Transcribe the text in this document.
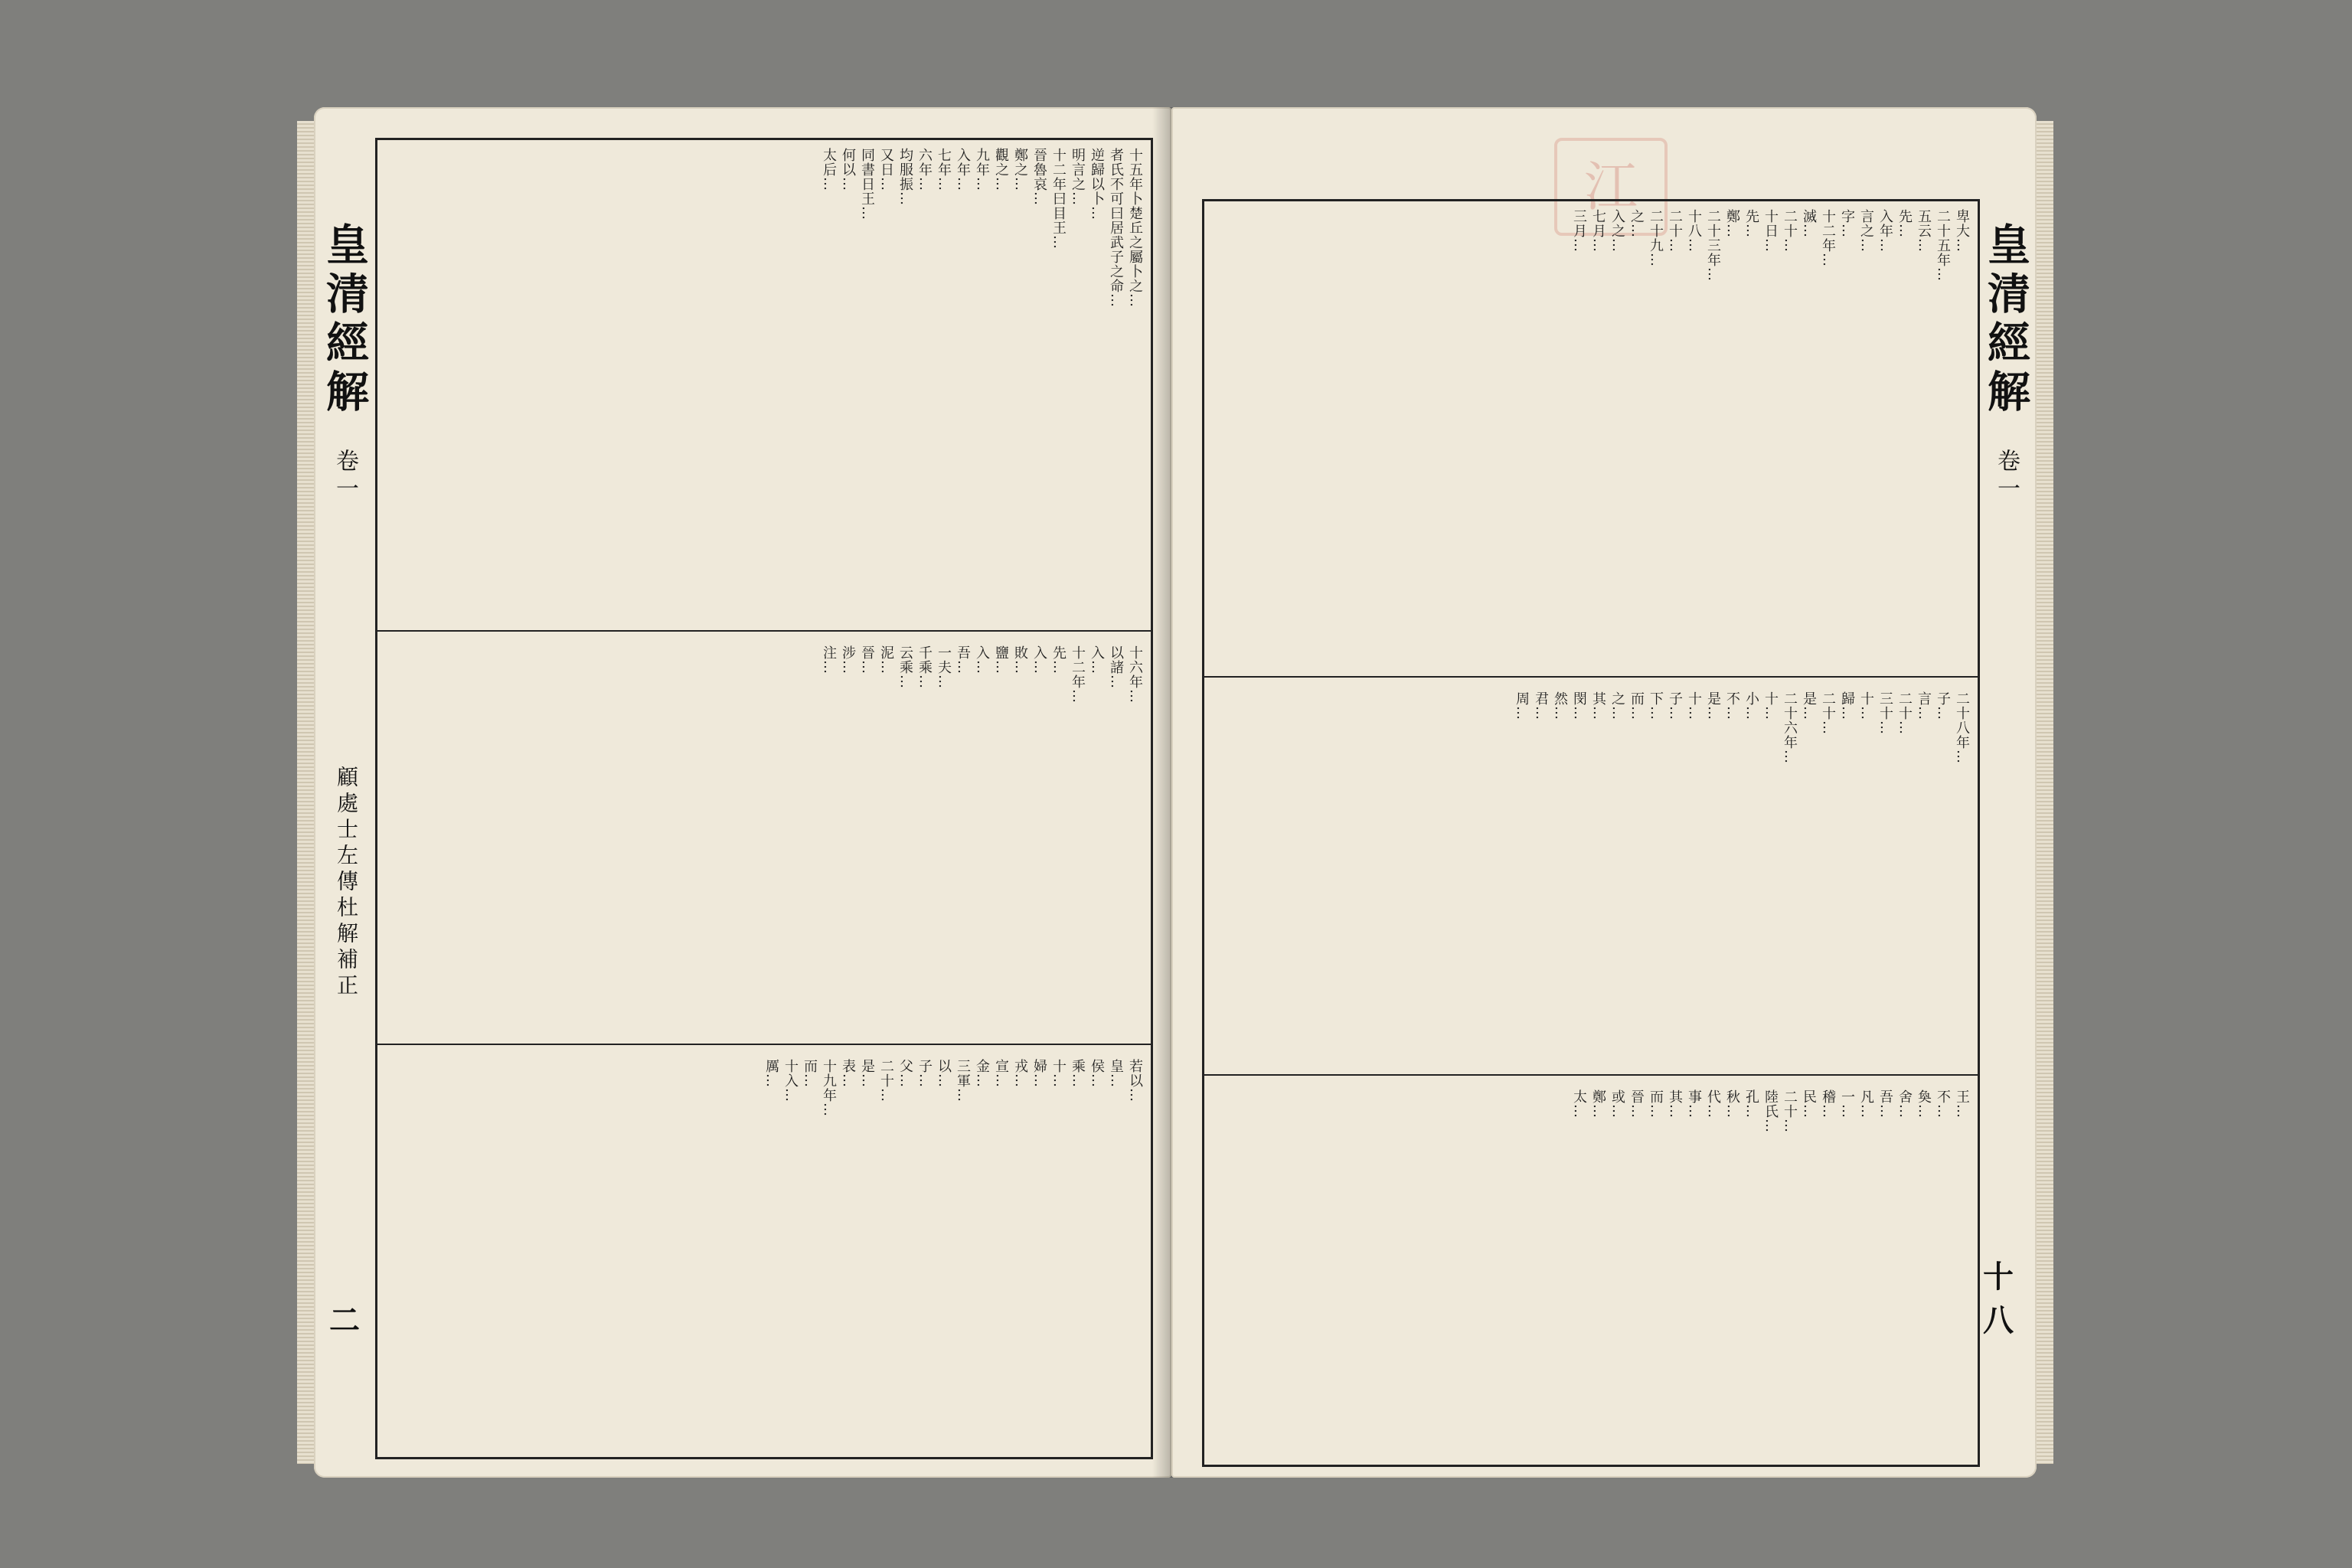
皇清經解
卷一
二
顧處士左傳杜解補正
十五年卜楚丘之屬卜之…
者氏不可曰居武子之命…
逆歸以卜…
明言之…
十二年曰目王…
晉魯哀…
鄭之…
觀之…
九年…
入年…
七年…
六年…
均服振…
又日…
同書日王…
何以…
太后…
十六年…
以諸…
入…
十二年…
先…
入…
敗…
鹽…
入…
吾…
一夫…
千乘…
云乘…
泥…
晉…
涉…
注…
若以…
皇…
侯…
乘…
十…
婦…
戎…
宣…
金…
三軍…
以…
子…
父…
二十…
是…
表…
十九年…
而…
十入…
厲…
江
卑大…
二十五年…
五云…
先…
入年…
言之…
字…
十二年…
滅…
二十…
十日…
先…
鄭…
二十三年…
十八…
二十…
二十九…
之…
入之…
七月…
三月…
二十八年…
子…
言…
二十…
三十…
十…
歸…
二十…
是…
二十六年…
十…
小…
不…
是…
十…
子…
下…
而…
之…
其…
閔…
然…
君…
周…
王…
不…
奐…
舍…
吾…
凡…
一…
稽…
民…
二十…
陸氏…
孔…
秋…
代…
事…
其…
而…
晉…
或…
鄭…
太…
皇清經解
卷一
十八
